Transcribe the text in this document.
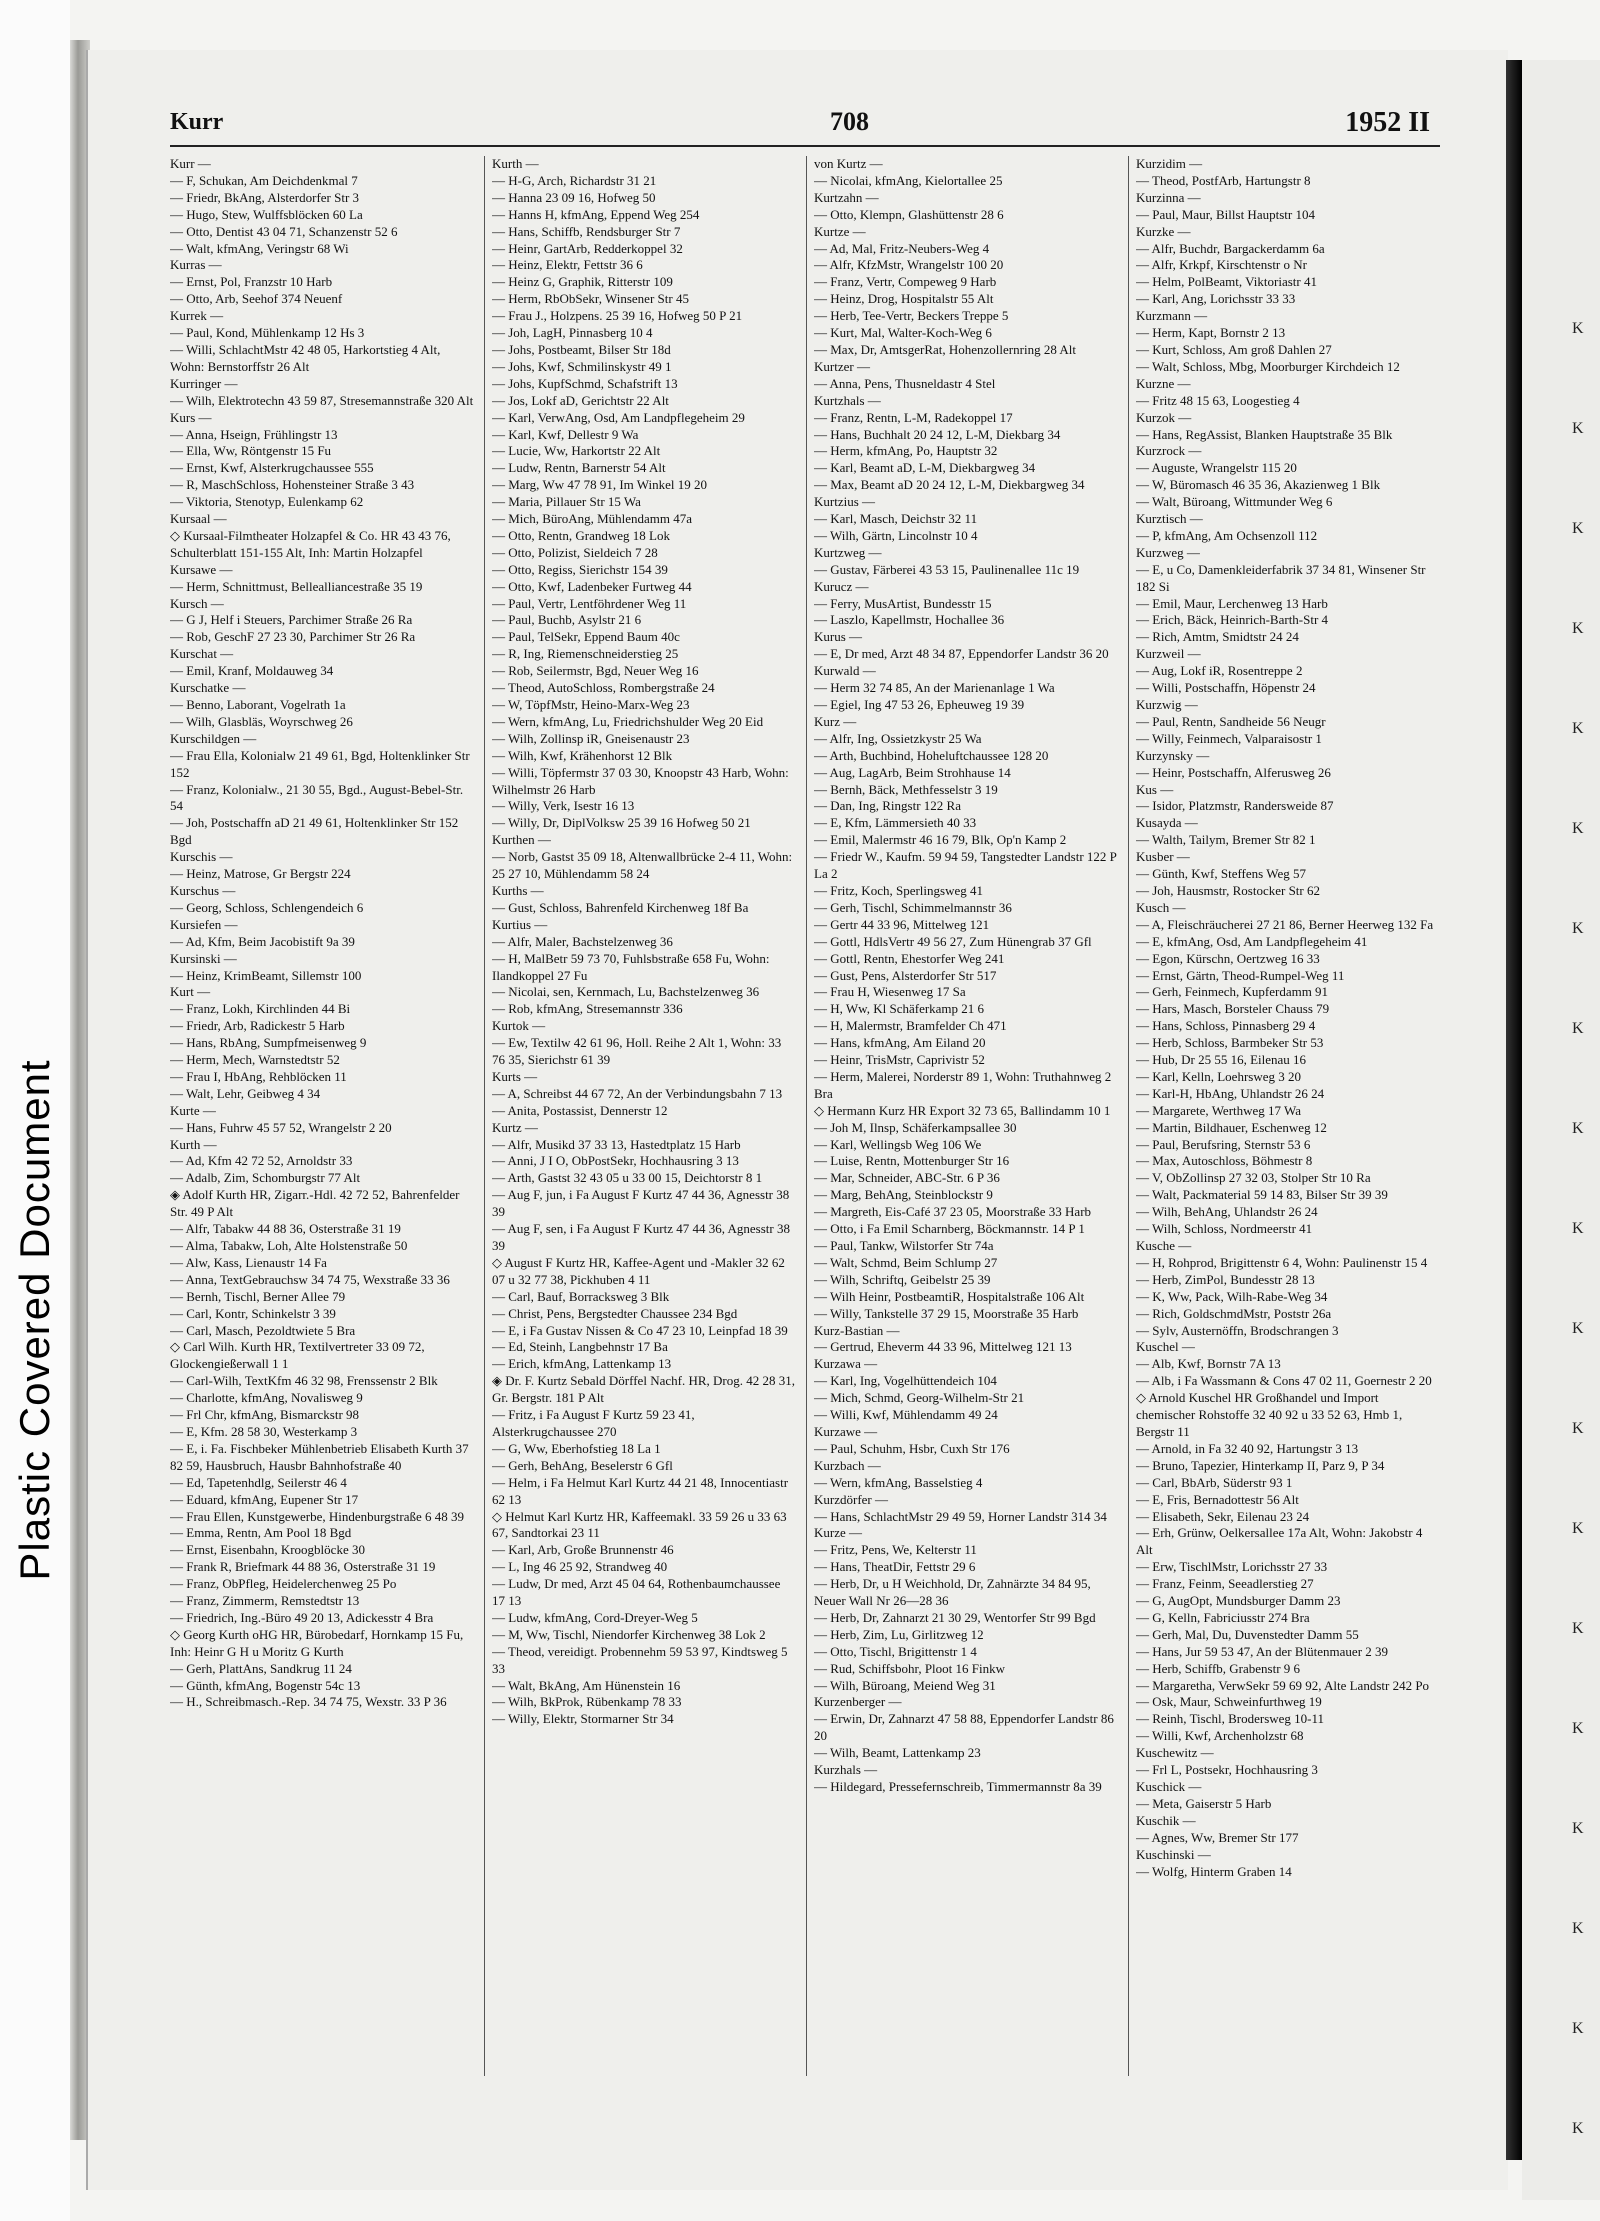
Plastic Covered Document
Kurr	708	1952 II
Kurr —
— F, Schukan, Am Deichdenkmal 7
— Friedr, BkAng, Alsterdorfer Str 3
— Hugo, Stew, Wulffsblöcken 60 La
— Otto, Dentist 43 04 71, Schanzenstr 52 6
— Walt, kfmAng, Veringstr 68 Wi
Kurras —
— Ernst, Pol, Franzstr 10 Harb
— Otto, Arb, Seehof 374 Neuenf
Kurrek —
— Paul, Kond, Mühlenkamp 12 Hs 3
— Willi, SchlachtMstr 42 48 05, Harkortstieg 4 Alt, Wohn: Bernstorffstr 26 Alt
Kurringer —
— Wilh, Elektrotechn 43 59 87, Stresemannstraße 320 Alt
Kurs —
— Anna, Hseign, Frühlingstr 13
— Ella, Ww, Röntgenstr 15 Fu
— Ernst, Kwf, Alsterkrugchaussee 555
— R, MaschSchloss, Hohensteiner Straße 3 43
— Viktoria, Stenotyp, Eulenkamp 62
Kursaal —
◇ Kursaal-Filmtheater Holzapfel & Co. HR 43 43 76, Schulterblatt 151-155 Alt, Inh: Martin Holzapfel
Kursawe —
— Herm, Schnittmust, Bellealliancestraße 35 19
Kursch —
— G J, Helf i Steuers, Parchimer Straße 26 Ra
— Rob, GeschF 27 23 30, Parchimer Str 26 Ra
Kurschat —
— Emil, Kranf, Moldauweg 34
Kurschatke —
— Benno, Laborant, Vogelrath 1a
— Wilh, Glasbläs, Woyrschweg 26
Kurschildgen —
— Frau Ella, Kolonialw 21 49 61, Bgd, Holtenklinker Str 152
— Franz, Kolonialw., 21 30 55, Bgd., August-Bebel-Str. 54
— Joh, Postschaffn aD 21 49 61, Holtenklinker Str 152 Bgd
Kurschis —
— Heinz, Matrose, Gr Bergstr 224
Kurschus —
— Georg, Schloss, Schlengendeich 6
Kursiefen —
— Ad, Kfm, Beim Jacobistift 9a 39
Kursinski —
— Heinz, KrimBeamt, Sillemstr 100
Kurt —
— Franz, Lokh, Kirchlinden 44 Bi
— Friedr, Arb, Radickestr 5 Harb
— Hans, RbAng, Sumpfmeisenweg 9
— Herm, Mech, Warnstedtstr 52
— Frau I, HbAng, Rehblöcken 11
— Walt, Lehr, Geibweg 4 34
Kurte —
— Hans, Fuhrw 45 57 52, Wrangelstr 2 20
Kurth —
— Ad, Kfm 42 72 52, Arnoldstr 33
— Adalb, Zim, Schomburgstr 77 Alt
◈ Adolf Kurth HR, Zigarr.-Hdl. 42 72 52, Bahrenfelder Str. 49 P Alt
— Alfr, Tabakw 44 88 36, Osterstraße 31 19
— Alma, Tabakw, Loh, Alte Holstenstraße 50
— Alw, Kass, Lienaustr 14 Fa
— Anna, TextGebrauchsw 34 74 75, Wexstraße 33 36
— Bernh, Tischl, Berner Allee 79
— Carl, Kontr, Schinkelstr 3 39
— Carl, Masch, Pezoldtwiete 5 Bra
◇ Carl Wilh. Kurth HR, Textilvertreter 33 09 72, Glockengießerwall 1 1
— Carl-Wilh, TextKfm 46 32 98, Frenssenstr 2 Blk
— Charlotte, kfmAng, Novalisweg 9
— Frl Chr, kfmAng, Bismarckstr 98
— E, Kfm. 28 58 30, Westerkamp 3
— E, i. Fa. Fischbeker Mühlenbetrieb Elisabeth Kurth 37 82 59, Hausbruch, Hausbr Bahnhofstraße 40
— Ed, Tapetenhdlg, Seilerstr 46 4
— Eduard, kfmAng, Eupener Str 17
— Frau Ellen, Kunstgewerbe, Hindenburgstraße 6 48 39
— Emma, Rentn, Am Pool 18 Bgd
— Ernst, Eisenbahn, Kroogblöcke 30
— Frank R, Briefmark 44 88 36, Osterstraße 31 19
— Franz, ObPfleg, Heidelerchenweg 25 Po
— Franz, Zimmerm, Remstedtstr 13
— Friedrich, Ing.-Büro 49 20 13, Adickesstr 4 Bra
◇ Georg Kurth oHG HR, Bürobedarf, Hornkamp 15 Fu, Inh: Heinr G H u Moritz G Kurth
— Gerh, PlattAns, Sandkrug 11 24
— Günth, kfmAng, Bogenstr 54c 13
— H., Schreibmasch.-Rep. 34 74 75, Wexstr. 33 P 36
Kurth —
— H-G, Arch, Richardstr 31 21
— Hanna 23 09 16, Hofweg 50
— Hanns H, kfmAng, Eppend Weg 254
— Hans, Schiffb, Rendsburger Str 7
— Heinr, GartArb, Redderkoppel 32
— Heinz, Elektr, Fettstr 36 6
— Heinz G, Graphik, Ritterstr 109
— Herm, RbObSekr, Winsener Str 45
— Frau J., Holzpens. 25 39 16, Hofweg 50 P 21
— Joh, LagH, Pinnasberg 10 4
— Johs, Postbeamt, Bilser Str 18d
— Johs, Kwf, Schmilinskystr 49 1
— Johs, KupfSchmd, Schafstrift 13
— Jos, Lokf aD, Gerichtstr 22 Alt
— Karl, VerwAng, Osd, Am Landpflegeheim 29
— Karl, Kwf, Dellestr 9 Wa
— Lucie, Ww, Harkortstr 22 Alt
— Ludw, Rentn, Barnerstr 54 Alt
— Marg, Ww 47 78 91, Im Winkel 19 20
— Maria, Pillauer Str 15 Wa
— Mich, BüroAng, Mühlendamm 47a
— Otto, Rentn, Grandweg 18 Lok
— Otto, Polizist, Sieldeich 7 28
— Otto, Regiss, Sierichstr 154 39
— Otto, Kwf, Ladenbeker Furtweg 44
— Paul, Vertr, Lentföhrdener Weg 11
— Paul, Buchb, Asylstr 21 6
— Paul, TelSekr, Eppend Baum 40c
— R, Ing, Riemenschneiderstieg 25
— Rob, Seilermstr, Bgd, Neuer Weg 16
— Theod, AutoSchloss, Rombergstraße 24
— W, TöpfMstr, Heino-Marx-Weg 23
— Wern, kfmAng, Lu, Friedrichshulder Weg 20 Eid
— Wilh, Zollinsp iR, Gneisenaustr 23
— Wilh, Kwf, Krähenhorst 12 Blk
— Willi, Töpfermstr 37 03 30, Knoopstr 43 Harb, Wohn: Wilhelmstr 26 Harb
— Willy, Verk, Isestr 16 13
— Willy, Dr, DiplVolksw 25 39 16 Hofweg 50 21
Kurthen —
— Norb, Gastst 35 09 18, Altenwallbrücke 2-4 11, Wohn: 25 27 10, Mühlendamm 58 24
Kurths —
— Gust, Schloss, Bahrenfeld Kirchenweg 18f Ba
Kurtius —
— Alfr, Maler, Bachstelzenweg 36
— H, MalBetr 59 73 70, Fuhlsbstraße 658 Fu, Wohn: Ilandkoppel 27 Fu
— Nicolai, sen, Kernmach, Lu, Bachstelzenweg 36
— Rob, kfmAng, Stresemannstr 336
Kurtok —
— Ew, Textilw 42 61 96, Holl. Reihe 2 Alt 1, Wohn: 33 76 35, Sierichstr 61 39
Kurts —
— A, Schreibst 44 67 72, An der Verbindungsbahn 7 13
— Anita, Postassist, Dennerstr 12
Kurtz —
— Alfr, Musikd 37 33 13, Hastedtplatz 15 Harb
— Anni, J I O, ObPostSekr, Hochhausring 3 13
— Arth, Gastst 32 43 05 u 33 00 15, Deichtorstr 8 1
— Aug F, jun, i Fa August F Kurtz 47 44 36, Agnesstr 38 39
— Aug F, sen, i Fa August F Kurtz 47 44 36, Agnesstr 38 39
◇ August F Kurtz HR, Kaffee-Agent und -Makler 32 62 07 u 32 77 38, Pickhuben 4 11
— Carl, Bauf, Borracksweg 3 Blk
— Christ, Pens, Bergstedter Chaussee 234 Bgd
— E, i Fa Gustav Nissen & Co 47 23 10, Leinpfad 18 39
— Ed, Steinh, Langbehnstr 17 Ba
— Erich, kfmAng, Lattenkamp 13
◈ Dr. F. Kurtz Sebald Dörffel Nachf. HR, Drog. 42 28 31, Gr. Bergstr. 181 P Alt
— Fritz, i Fa August F Kurtz 59 23 41, Alsterkrugchaussee 270
— G, Ww, Eberhofstieg 18 La 1
— Gerh, BehAng, Beselerstr 6 Gfl
— Helm, i Fa Helmut Karl Kurtz 44 21 48, Innocentiastr 62 13
◇ Helmut Karl Kurtz HR, Kaffeemakl. 33 59 26 u 33 63 67, Sandtorkai 23 11
— Karl, Arb, Große Brunnenstr 46
— L, Ing 46 25 92, Strandweg 40
— Ludw, Dr med, Arzt 45 04 64, Rothenbaumchaussee 17 13
— Ludw, kfmAng, Cord-Dreyer-Weg 5
— M, Ww, Tischl, Niendorfer Kirchenweg 38 Lok 2
— Theod, vereidigt. Probennehm 59 53 97, Kindtsweg 5 33
— Walt, BkAng, Am Hünenstein 16
— Wilh, BkProk, Rübenkamp 78 33
— Willy, Elektr, Stormarner Str 34
von Kurtz —
— Nicolai, kfmAng, Kielortallee 25
Kurtzahn —
— Otto, Klempn, Glashüttenstr 28 6
Kurtze —
— Ad, Mal, Fritz-Neubers-Weg 4
— Alfr, KfzMstr, Wrangelstr 100 20
— Franz, Vertr, Compeweg 9 Harb
— Heinz, Drog, Hospitalstr 55 Alt
— Herb, Tee-Vertr, Beckers Treppe 5
— Kurt, Mal, Walter-Koch-Weg 6
— Max, Dr, AmtsgerRat, Hohenzollernring 28 Alt
Kurtzer —
— Anna, Pens, Thusneldastr 4 Stel
Kurtzhals —
— Franz, Rentn, L-M, Radekoppel 17
— Hans, Buchhalt 20 24 12, L-M, Diekbarg 34
— Herm, kfmAng, Po, Hauptstr 32
— Karl, Beamt aD, L-M, Diekbargweg 34
— Max, Beamt aD 20 24 12, L-M, Diekbargweg 34
Kurtzius —
— Karl, Masch, Deichstr 32 11
— Wilh, Gärtn, Lincolnstr 10 4
Kurtzweg —
— Gustav, Färberei 43 53 15, Paulinenallee 11c 19
Kurucz —
— Ferry, MusArtist, Bundesstr 15
— Laszlo, Kapellmstr, Hochallee 36
Kurus —
— E, Dr med, Arzt 48 34 87, Eppendorfer Landstr 36 20
Kurwald —
— Herm 32 74 85, An der Marienanlage 1 Wa
— Egiel, Ing 47 53 26, Epheuweg 19 39
Kurz —
— Alfr, Ing, Ossietzkystr 25 Wa
— Arth, Buchbind, Hoheluftchaussee 128 20
— Aug, LagArb, Beim Strohhause 14
— Bernh, Bäck, Methfesselstr 3 19
— Dan, Ing, Ringstr 122 Ra
— E, Kfm, Lämmersieth 40 33
— Emil, Malermstr 46 16 79, Blk, Op'n Kamp 2
— Friedr W., Kaufm. 59 94 59, Tangstedter Landstr 122 P La 2
— Fritz, Koch, Sperlingsweg 41
— Gerh, Tischl, Schimmelmannstr 36
— Gertr 44 33 96, Mittelweg 121
— Gottl, HdlsVertr 49 56 27, Zum Hünengrab 37 Gfl
— Gottl, Rentn, Ehestorfer Weg 241
— Gust, Pens, Alsterdorfer Str 517
— Frau H, Wiesenweg 17 Sa
— H, Ww, Kl Schäferkamp 21 6
— H, Malermstr, Bramfelder Ch 471
— Hans, kfmAng, Am Eiland 20
— Heinr, TrisMstr, Caprivistr 52
— Herm, Malerei, Norderstr 89 1, Wohn: Truthahnweg 2 Bra
◇ Hermann Kurz HR Export 32 73 65, Ballindamm 10 1
— Joh M, Ilnsp, Schäferkampsallee 30
— Karl, Wellingsb Weg 106 We
— Luise, Rentn, Mottenburger Str 16
— Mar, Schneider, ABC-Str. 6 P 36
— Marg, BehAng, Steinblockstr 9
— Margreth, Eis-Café 37 23 05, Moorstraße 33 Harb
— Otto, i Fa Emil Scharnberg, Böckmannstr. 14 P 1
— Paul, Tankw, Wilstorfer Str 74a
— Walt, Schmd, Beim Schlump 27
— Wilh, Schriftq, Geibelstr 25 39
— Wilh Heinr, PostbeamtiR, Hospitalstraße 106 Alt
— Willy, Tankstelle 37 29 15, Moorstraße 35 Harb
Kurz-Bastian —
— Gertrud, Eheverm 44 33 96, Mittelweg 121 13
Kurzawa —
— Karl, Ing, Vogelhüttendeich 104
— Mich, Schmd, Georg-Wilhelm-Str 21
— Willi, Kwf, Mühlendamm 49 24
Kurzawe —
— Paul, Schuhm, Hsbr, Cuxh Str 176
Kurzbach —
— Wern, kfmAng, Basselstieg 4
Kurzdörfer —
— Hans, SchlachtMstr 29 49 59, Horner Landstr 314 34
Kurze —
— Fritz, Pens, We, Kelterstr 11
— Hans, TheatDir, Fettstr 29 6
— Herb, Dr, u H Weichhold, Dr, Zahnärzte 34 84 95, Neuer Wall Nr 26—28 36
— Herb, Dr, Zahnarzt 21 30 29, Wentorfer Str 99 Bgd
— Herb, Zim, Lu, Girlitzweg 12
— Otto, Tischl, Brigittenstr 1 4
— Rud, Schiffsbohr, Ploot 16 Finkw
— Wilh, Büroang, Meiend Weg 31
Kurzenberger —
— Erwin, Dr, Zahnarzt 47 58 88, Eppendorfer Landstr 86 20
— Wilh, Beamt, Lattenkamp 23
Kurzhals —
— Hildegard, Pressefernschreib, Timmermannstr 8a 39
Kurzidim —
— Theod, PostfArb, Hartungstr 8
Kurzinna —
— Paul, Maur, Billst Hauptstr 104
Kurzke —
— Alfr, Buchdr, Bargackerdamm 6a
— Alfr, Krkpf, Kirschtenstr o Nr
— Helm, PolBeamt, Viktoriastr 41
— Karl, Ang, Lorichsstr 33 33
Kurzmann —
— Herm, Kapt, Bornstr 2 13
— Kurt, Schloss, Am groß Dahlen 27
— Walt, Schloss, Mbg, Moorburger Kirchdeich 12
Kurzne —
— Fritz 48 15 63, Loogestieg 4
Kurzok —
— Hans, RegAssist, Blanken Hauptstraße 35 Blk
Kurzrock —
— Auguste, Wrangelstr 115 20
— W, Büromasch 46 35 36, Akazienweg 1 Blk
— Walt, Büroang, Wittmunder Weg 6
Kurztisch —
— P, kfmAng, Am Ochsenzoll 112
Kurzweg —
— E, u Co, Damenkleiderfabrik 37 34 81, Winsener Str 182 Si
— Emil, Maur, Lerchenweg 13 Harb
— Erich, Bäck, Heinrich-Barth-Str 4
— Rich, Amtm, Smidtstr 24 24
Kurzweil —
— Aug, Lokf iR, Rosentreppe 2
— Willi, Postschaffn, Höpenstr 24
Kurzwig —
— Paul, Rentn, Sandheide 56 Neugr
— Willy, Feinmech, Valparaisostr 1
Kurzynsky —
— Heinr, Postschaffn, Alferusweg 26
Kus —
— Isidor, Platzmstr, Randersweide 87
Kusayda —
— Walth, Tailym, Bremer Str 82 1
Kusber —
— Günth, Kwf, Steffens Weg 57
— Joh, Hausmstr, Rostocker Str 62
Kusch —
— A, Fleischräucherei 27 21 86, Berner Heerweg 132 Fa
— E, kfmAng, Osd, Am Landpflegeheim 41
— Egon, Kürschn, Oertzweg 16 33
— Ernst, Gärtn, Theod-Rumpel-Weg 11
— Gerh, Feinmech, Kupferdamm 91
— Hars, Masch, Borsteler Chauss 79
— Hans, Schloss, Pinnasberg 29 4
— Herb, Schloss, Barmbeker Str 53
— Hub, Dr 25 55 16, Eilenau 16
— Karl, Kelln, Loehrsweg 3 20
— Karl-H, HbAng, Uhlandstr 26 24
— Margarete, Werthweg 17 Wa
— Martin, Bildhauer, Eschenweg 12
— Paul, Berufsring, Sternstr 53 6
— Max, Autoschloss, Böhmestr 8
— V, ObZollinsp 27 32 03, Stolper Str 10 Ra
— Walt, Packmaterial 59 14 83, Bilser Str 39 39
— Wilh, BehAng, Uhlandstr 26 24
— Wilh, Schloss, Nordmeerstr 41
Kusche —
— H, Rohprod, Brigittenstr 6 4, Wohn: Paulinenstr 15 4
— Herb, ZimPol, Bundesstr 28 13
— K, Ww, Pack, Wilh-Rabe-Weg 34
— Rich, GoldschmdMstr, Poststr 26a
— Sylv, Austernöffn, Brodschrangen 3
Kuschel —
— Alb, Kwf, Bornstr 7A 13
— Alb, i Fa Wassmann & Cons 47 02 11, Goernestr 2 20
◇ Arnold Kuschel HR Großhandel und Import chemischer Rohstoffe 32 40 92 u 33 52 63, Hmb 1, Bergstr 11
— Arnold, in Fa 32 40 92, Hartungstr 3 13
— Bruno, Tapezier, Hinterkamp II, Parz 9, P 34
— Carl, BbArb, Süderstr 93 1
— E, Fris, Bernadottestr 56 Alt
— Elisabeth, Sekr, Eilenau 23 24
— Erh, Grünw, Oelkersallee 17a Alt, Wohn: Jakobstr 4 Alt
— Erw, TischlMstr, Lorichsstr 27 33
— Franz, Feinm, Seeadlerstieg 27
— G, AugOpt, Mundsburger Damm 23
— G, Kelln, Fabriciusstr 274 Bra
— Gerh, Mal, Du, Duvenstedter Damm 55
— Hans, Jur 59 53 47, An der Blütenmauer 2 39
— Herb, Schiffb, Grabenstr 9 6
— Margaretha, VerwSekr 59 69 92, Alte Landstr 242 Po
— Osk, Maur, Schweinfurthweg 19
— Reinh, Tischl, Brodersweg 10-11
— Willi, Kwf, Archenholzstr 68
Kuschewitz —
— Frl L, Postsekr, Hochhausring 3
Kuschick —
— Meta, Gaiserstr 5 Harb
Kuschik —
— Agnes, Ww, Bremer Str 177
Kuschinski —
— Wolfg, Hinterm Graben 14
K
K
K
K
K
K
K
K
K
K
K
K
K
K
K
K
K
K
K
